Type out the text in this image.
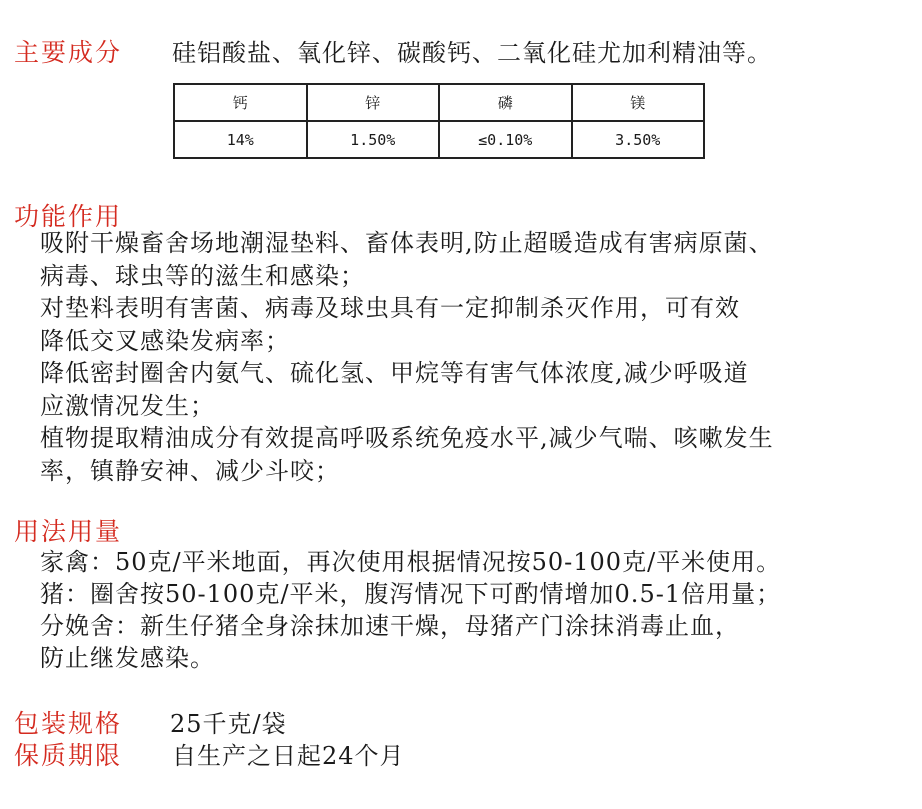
主要成分 硅铝酸盐、氧化锌、碳酸钙、二氧化硅尤加利精油等。
钙	锌	磷	镁
14%	1.50%	≤0.10%	3.50%
功能作用
吸附干燥畜舍场地潮湿垫料、畜体表明,防止超暖造成有害病原菌、
病毒、球虫等的滋生和感染；
对垫料表明有害菌、病毒及球虫具有一定抑制杀灭作用，可有效
降低交叉感染发病率；
降低密封圈舍内氨气、硫化氢、甲烷等有害气体浓度,减少呼吸道
应激情况发生；
植物提取精油成分有效提高呼吸系统免疫水平,减少气喘、咳嗽发生
率，镇静安神、减少斗咬；
用法用量
家禽：50克/平米地面，再次使用根据情况按50-100克/平米使用。
猪：圈舍按50-100克/平米，腹泻情况下可酌情增加0.5-1倍用量；
分娩舍：新生仔猪全身涂抹加速干燥，母猪产门涂抹消毒止血，
防止继发感染。
包装规格 25千克/袋
保质期限 自生产之日起24个月
